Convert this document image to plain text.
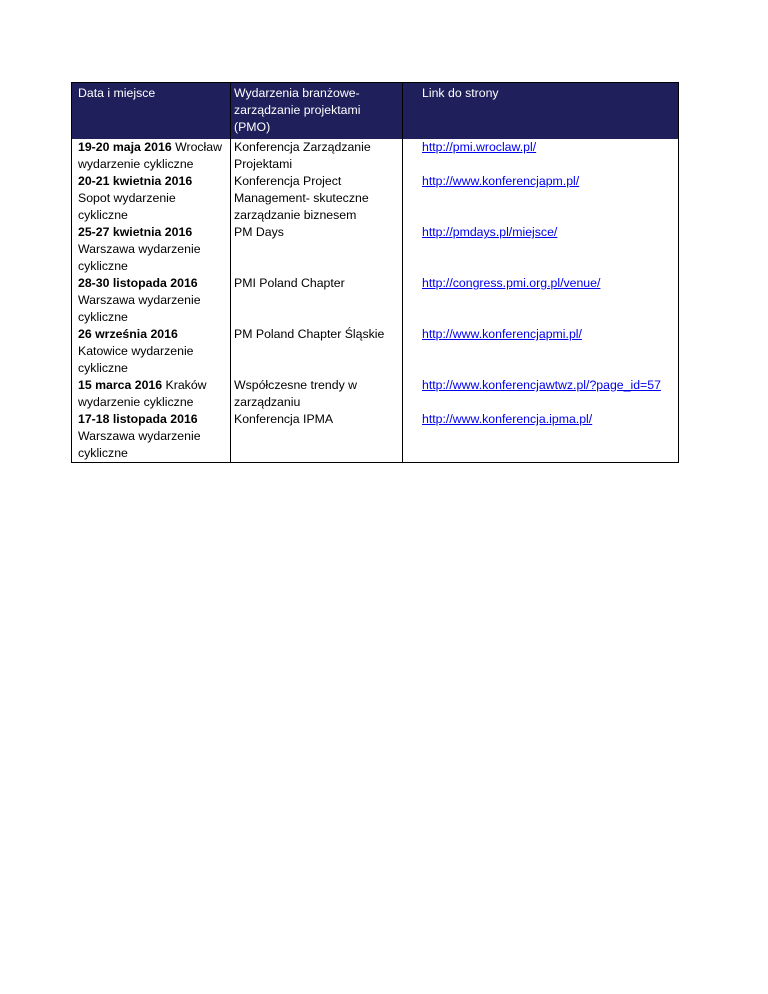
Data i miejsce	Wydarzenia branżowe- zarządzanie projektami (PMO)	Link do strony
19-20 maja 2016 Wrocław wydarzenie cykliczne	Konferencja Zarządzanie Projektami	http://pmi.wroclaw.pl/
20-21 kwietnia 2016 Sopot wydarzenie cykliczne	Konferencja Project Management- skuteczne zarządzanie biznesem	http://www.konferencjapm.pl/
25-27 kwietnia 2016 Warszawa wydarzenie cykliczne	PM Days	http://pmdays.pl/miejsce/
28-30 listopada 2016 Warszawa wydarzenie cykliczne	PMI Poland Chapter	http://congress.pmi.org.pl/venue/
26 września 2016 Katowice wydarzenie cykliczne	PM Poland Chapter Śląskie	http://www.konferencjapmi.pl/
15 marca 2016 Kraków wydarzenie cykliczne	Współczesne trendy w zarządzaniu	http://www.konferencjawtwz.pl/?page_id=57
17-18 listopada 2016 Warszawa wydarzenie cykliczne	Konferencja IPMA	http://www.konferencja.ipma.pl/
